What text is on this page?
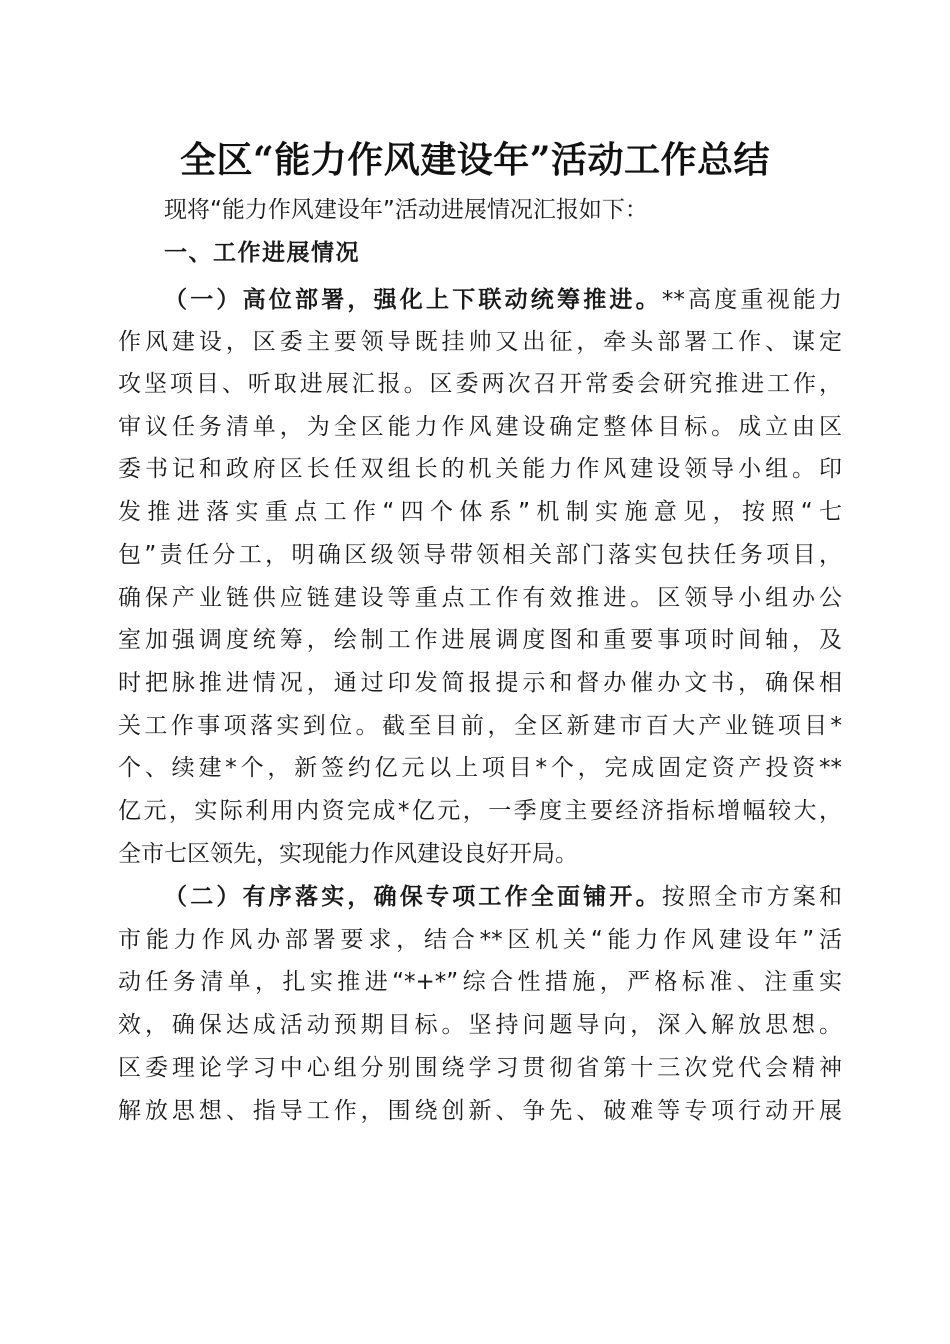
全区“能力作风建设年”活动工作总结
现将“能力作风建设年”活动进展情况汇报如下：
一、工作进展情况
（一）高位部署，强化上下联动统筹推进。**高度重视能力
作风建设，区委主要领导既挂帅又出征，牵头部署工作、谋定
攻坚项目、听取进展汇报。区委两次召开常委会研究推进工作，
审议任务清单，为全区能力作风建设确定整体目标。成立由区
委书记和政府区长任双组长的机关能力作风建设领导小组。印
发推进落实重点工作“四个体系”机制实施意见，按照“七
包”责任分工，明确区级领导带领相关部门落实包扶任务项目，
确保产业链供应链建设等重点工作有效推进。区领导小组办公
室加强调度统筹，绘制工作进展调度图和重要事项时间轴，及
时把脉推进情况，通过印发简报提示和督办催办文书，确保相
关工作事项落实到位。截至目前，全区新建市百大产业链项目*
个、续建*个，新签约亿元以上项目*个，完成固定资产投资**
亿元，实际利用内资完成*亿元，一季度主要经济指标增幅较大，
全市七区领先，实现能力作风建设良好开局。
（二）有序落实，确保专项工作全面铺开。按照全市方案和
市能力作风办部署要求，结合**区机关“能力作风建设年”活
动任务清单，扎实推进“*+*”综合性措施，严格标准、注重实
效，确保达成活动预期目标。坚持问题导向，深入解放思想。
区委理论学习中心组分别围绕学习贯彻省第十三次党代会精神
解放思想、指导工作，围绕创新、争先、破难等专项行动开展
